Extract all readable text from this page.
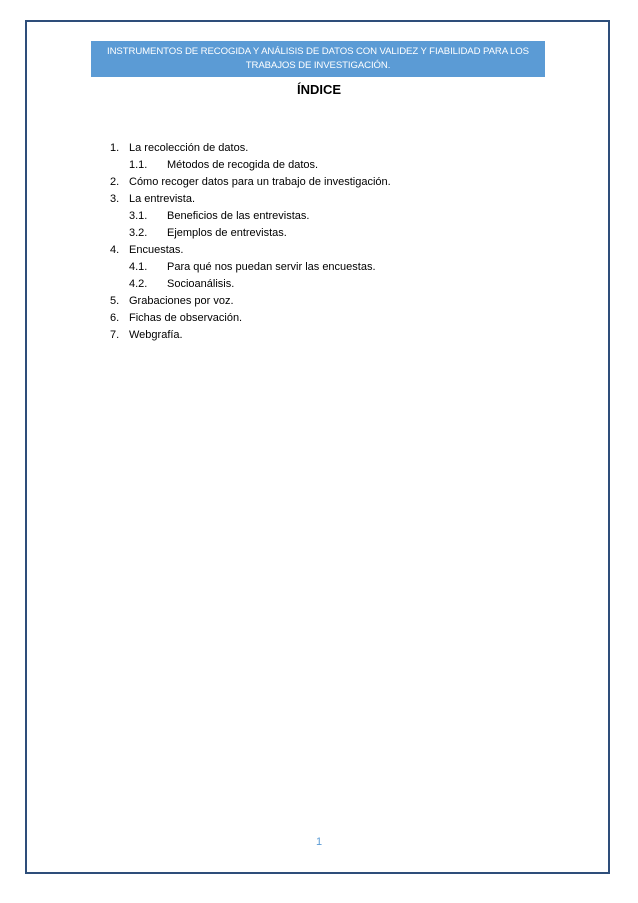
INSTRUMENTOS DE RECOGIDA Y ANÁLISIS DE DATOS CON VALIDEZ Y FIABILIDAD PARA LOS
TRABAJOS DE INVESTIGACIÓN.
ÍNDICE
1. La recolección de datos.
1.1. Métodos de recogida de datos.
2. Cómo recoger datos para un trabajo de investigación.
3. La entrevista.
3.1. Beneficios de las entrevistas.
3.2. Ejemplos de entrevistas.
4. Encuestas.
4.1. Para qué nos puedan servir las encuestas.
4.2. Socioanálisis.
5. Grabaciones por voz.
6. Fichas de observación.
7. Webgrafía.
1
